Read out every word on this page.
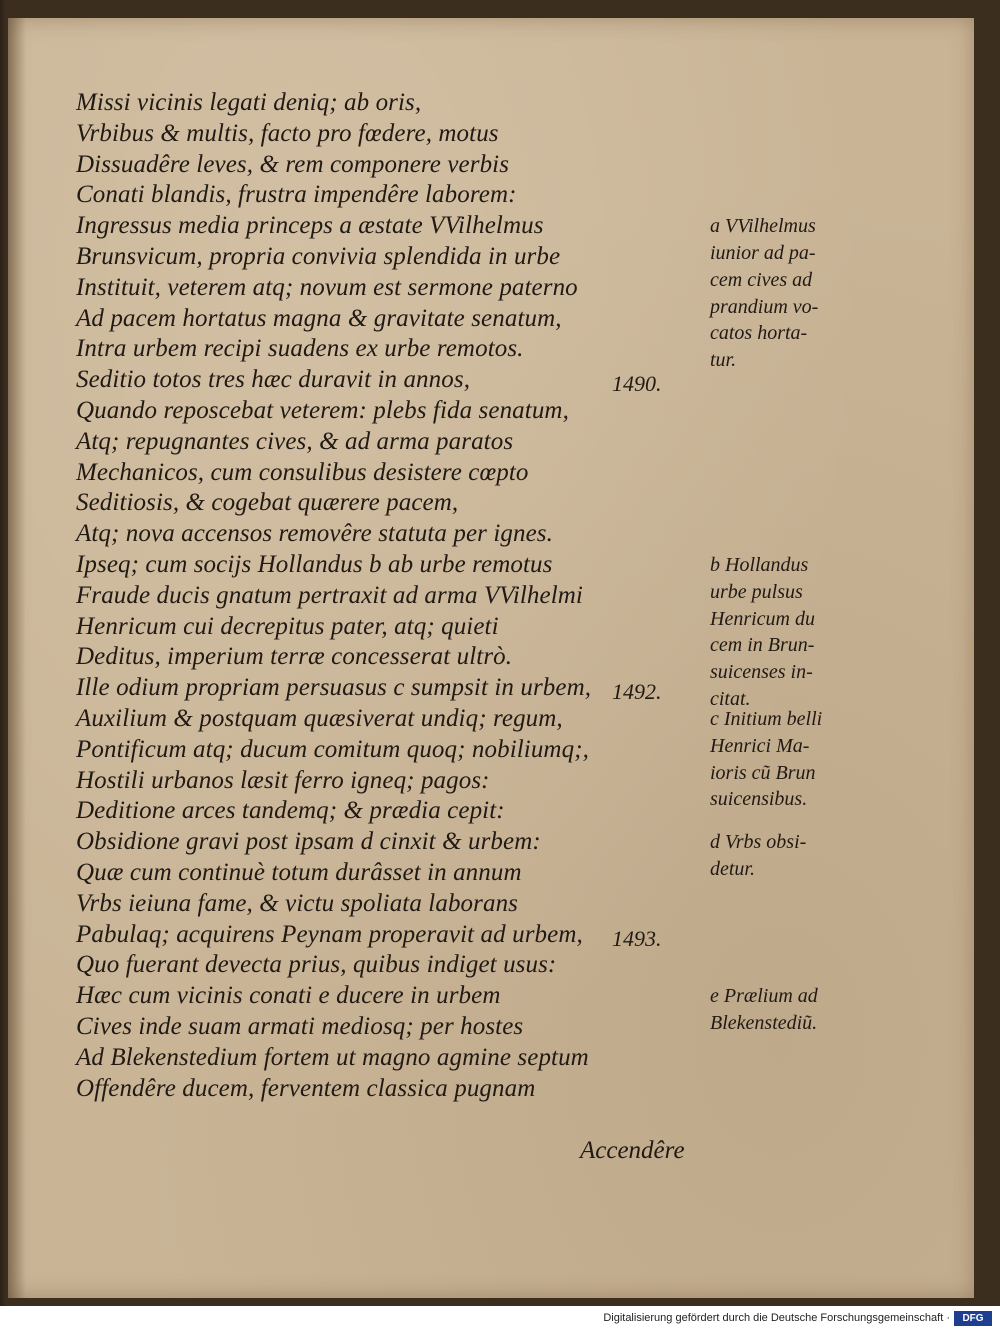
Missi vicinis legati deniq; ab oris,
Vrbibus & multis, facto pro fœdere, motus
Dissuadêre leves, & rem componere verbis
Conati blandis, frustra impendêre laborem:
Ingressus media princeps a æstate VVilhelmus
Brunsvicum, propria convivia splendida in urbe
Instituit, veterem atq; novum est sermone paterno
Ad pacem hortatus magna & gravitate senatum,
Intra urbem recipi suadens ex urbe remotos.
Seditio totos tres hæc duravit in annos,
Quando reposcebat veterem: plebs fida senatum,
Atq; repugnantes cives, & ad arma paratos
Mechanicos, cum consulibus desistere cœpto
Seditiosis, & cogebat quærere pacem,
Atq; nova accensos removêre statuta per ignes.
Ipseq; cum socijs Hollandus b ab urbe remotus
Fraude ducis gnatum pertraxit ad arma VVilhelmi
Henricum cui decrepitus pater, atq; quieti
Deditus, imperium terræ concesserat ultrò.
Ille odium propriam persuasus c sumpsit in urbem,
Auxilium & postquam quæsiverat undiq; regum,
Pontificum atq; ducum comitum quoq; nobiliumq;,
Hostili urbanos læsit ferro igneq; pagos:
Deditione arces tandemq; & prædia cepit:
Obsidione gravi post ipsam d cinxit & urbem:
Quæ cum continuè totum durâsset in annum
Vrbs ieiuna fame, & victu spoliata laborans
Pabulaq; acquirens Peynam properavit ad urbem,
Quo fuerant devecta prius, quibus indiget usus:
Hæc cum vicinis conati e ducere in urbem
Cives inde suam armati mediosq; per hostes
Ad Blekenstedium fortem ut magno agmine septum
Offendêre ducem, ferventem classica pugnam
1490.
1492.
1493.
a VVilhelmus
iunior ad pa-
cem cives ad
prandium vo-
catos horta-
tur.
b Hollandus
urbe pulsus
Henricum du
cem in Brun-
suicenses in-
citat.
c Initium belli
Henrici Ma-
ioris cũ Brun
suicensibus.
d Vrbs obsi-
detur.
e Prælium ad
Blekenstediũ.
Accendêre
Digitalisierung gefördert durch die Deutsche Forschungsgemeinschaft ·	DFG
